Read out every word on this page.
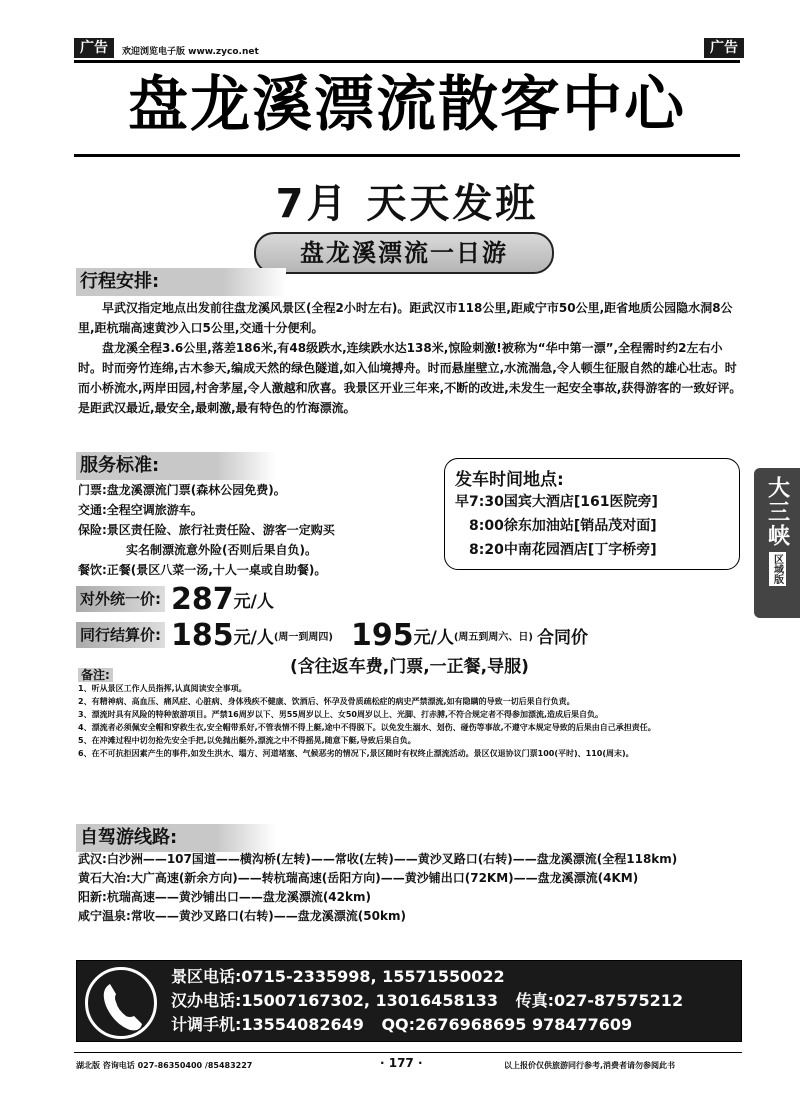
广告	欢迎浏览电子版 www.zyco.net	广告
盘龙溪漂流散客中心
7月 天天发班
盘龙溪漂流一日游
行程安排:

早武汉指定地点出发前往盘龙溪风景区(全程2小时左右)。距武汉市118公里,距咸宁市50公里,距省地质公园隐水洞8公里,距杭瑞高速黄沙入口5公里,交通十分便利。

盘龙溪全程3.6公里,落差186米,有48级跌水,连续跌水达138米,惊险刺激!被称为“华中第一漂”,全程需时约2左右小时。时而旁竹连绵,古木参天,编成天然的绿色隧道,如入仙境搏舟。时而悬崖壁立,水流湍急,令人顿生征服自然的雄心壮志。时而小桥流水,两岸田园,村舍茅屋,令人激越和欣喜。我景区开业三年来,不断的改进,未发生一起安全事故,获得游客的一致好评。是距武汉最近,最安全,最刺激,最有特色的竹海漂流。

服务标准:
门票:盘龙溪漂流门票(森林公园免费)。
交通:全程空调旅游车。
保险:景区责任险、旅行社责任险、游客一定购买
实名制漂流意外险(否则后果自负)。
餐饮:正餐(景区八菜一汤,十人一桌或自助餐)。
发车时间地点:
早7:30国宾大酒店[161医院旁]
8:00徐东加油站[销品茂对面]
8:20中南花园酒店[丁字桥旁]
对外统一价: 287 元/人
同行结算价: 185 元/人 (周一到周四) 195 元/人 (周五到周六、日) 合同价
(含往返车费,门票,一正餐,导服)
备注:
1、听从景区工作人员指挥,认真阅读安全事项。
2、有精神病、高血压、痛风症、心脏病、身体残疾不健康、饮酒后、怀孕及骨质疏松症的病史严禁漂流,如有隐瞒的导致一切后果自行负责。
3、漂流时具有风险的特种旅游项目。严禁16周岁以下、男55周岁以上、女50周岁以上、光脚、打赤膊,不符合规定者不得参加漂流,造成后果自负。
4、漂流者必须佩安全帽和穿救生衣,安全帽带系好,不管表情不得上艇,途中不得脱下。以免发生溺水、划伤、碰伤等事故,不遵守本规定导致的后果由自己承担责任。
5、在冲滩过程中切勿抢先安全手把,以免抛出艇外,漂流之中不得摇晃,随意下艇,导致后果自负。
6、在不可抗拒因素产生的事件,如发生洪水、塌方、河道堵塞、气候恶劣的情况下,景区随时有权终止漂流活动。景区仅退协议门票100(平时)、110(周末)。
自驾游线路:
武汉:白沙洲——107国道——横沟桥(左转)——常收(左转)——黄沙叉路口(右转)——盘龙溪漂流(全程118km)
黄石大冶:大广高速(新余方向)——转杭瑞高速(岳阳方向)——黄沙铺出口(72KM)——盘龙溪漂流(4KM)
阳新:杭瑞高速——黄沙铺出口——盘龙溪漂流(42km)
咸宁温泉:常收——黄沙叉路口(右转)——盘龙溪漂流(50km)
景区电话:0715-2335998, 15571550022
汉办电话:15007167302, 13016458133 传真:027-87575212
计调手机:13554082649 QQ:2676968695 978477609
湖北版 咨询电话 027-86350400 /85483227	· 177 ·	以上报价仅供旅游同行参考,消费者请勿参阅此书
大三峡
区域版
